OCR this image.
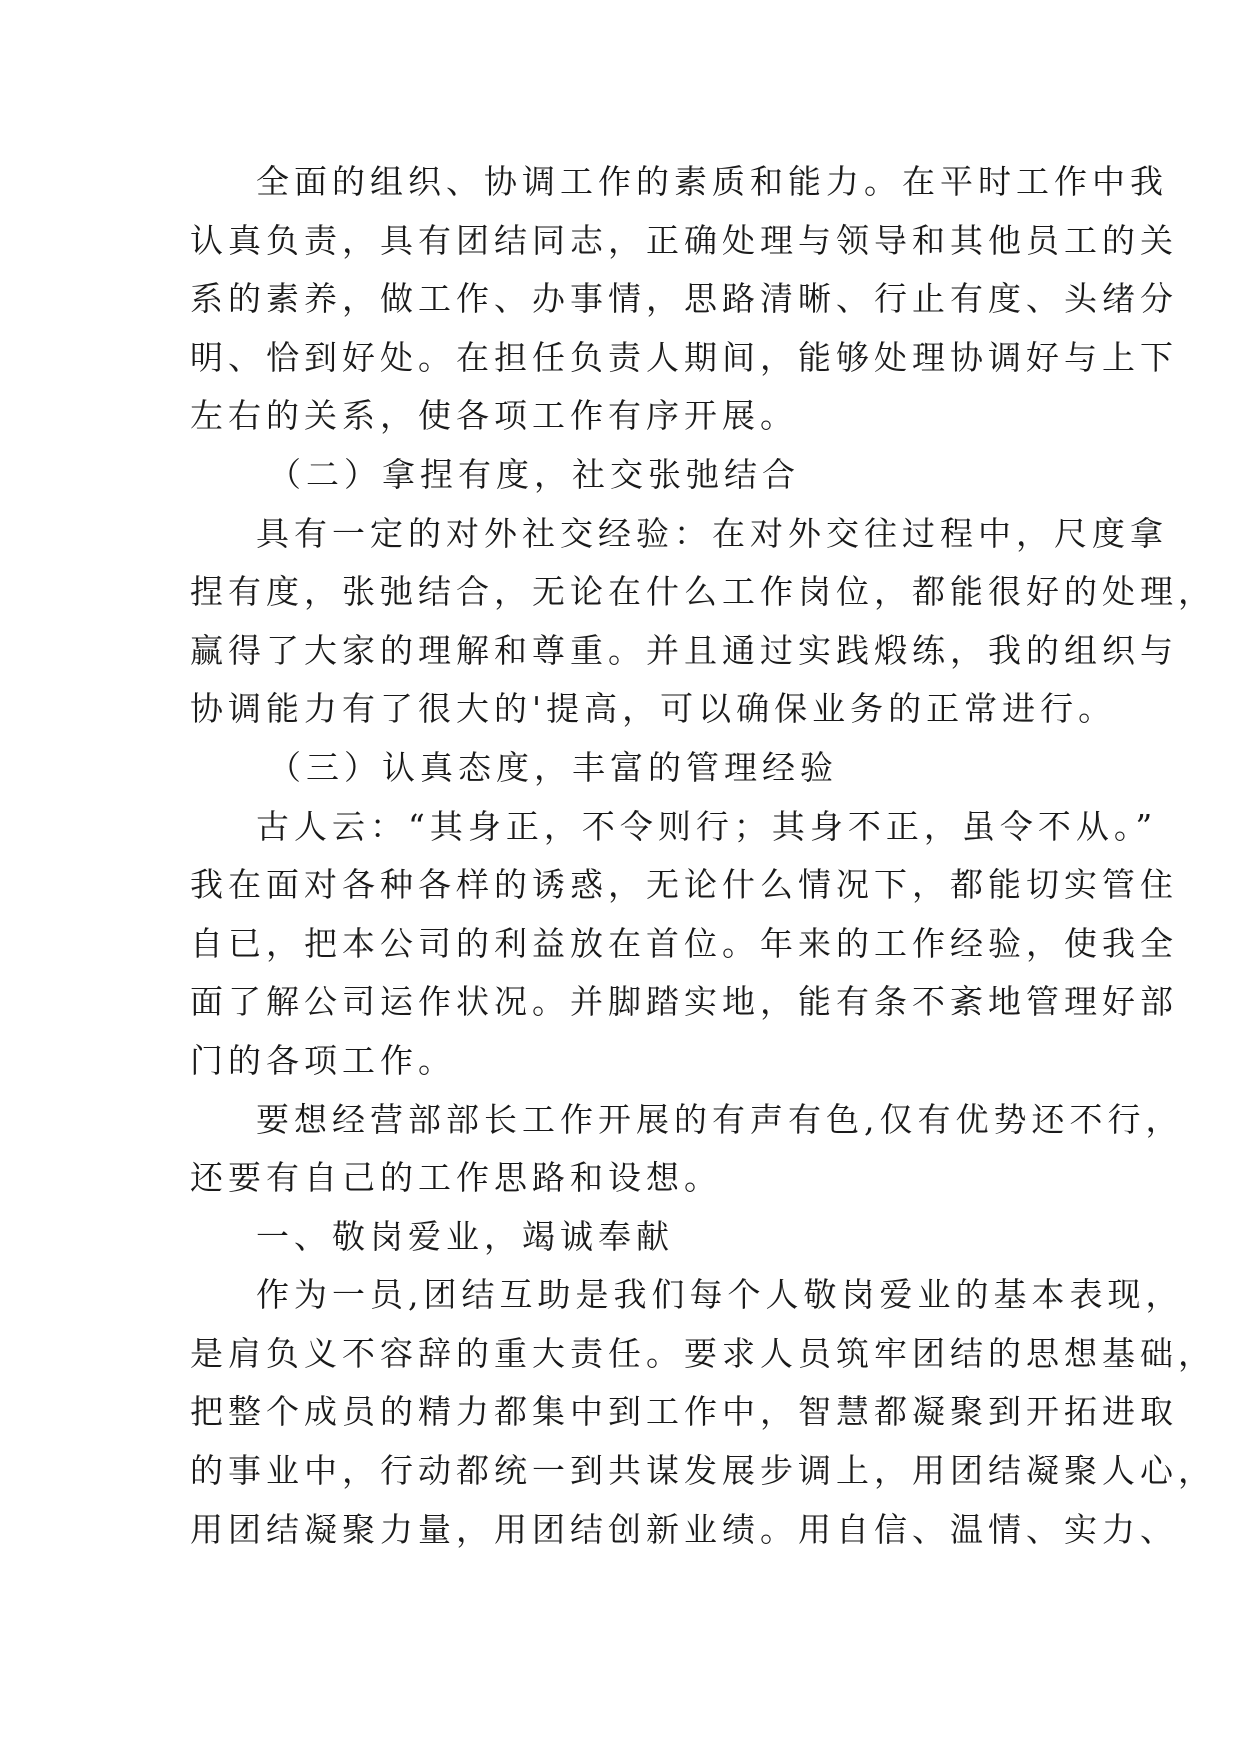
全面的组织、协调工作的素质和能力。在平时工作中我
认真负责，具有团结同志，正确处理与领导和其他员工的关
系的素养，做工作、办事情，思路清晰、行止有度、头绪分
明、恰到好处。在担任负责人期间，能够处理协调好与上下
左右的关系，使各项工作有序开展。
（二）拿捏有度，社交张弛结合
具有一定的对外社交经验：在对外交往过程中，尺度拿
捏有度，张弛结合，无论在什么工作岗位，都能很好的处理，
赢得了大家的理解和尊重。并且通过实践煅练，我的组织与
协调能力有了很大的'提高，可以确保业务的正常进行。
（三）认真态度，丰富的管理经验
古人云：“其身正，不令则行；其身不正，虽令不从。”
我在面对各种各样的诱惑，无论什么情况下，都能切实管住
自已，把本公司的利益放在首位。年来的工作经验，使我全
面了解公司运作状况。并脚踏实地，能有条不紊地管理好部
门的各项工作。
要想经营部部长工作开展的有声有色,仅有优势还不行，
还要有自己的工作思路和设想。
一、敬岗爱业，竭诚奉献
作为一员,团结互助是我们每个人敬岗爱业的基本表现，
是肩负义不容辞的重大责任。要求人员筑牢团结的思想基础，
把整个成员的精力都集中到工作中，智慧都凝聚到开拓进取
的事业中，行动都统一到共谋发展步调上，用团结凝聚人心，
用团结凝聚力量，用团结创新业绩。用自信、温情、实力、
